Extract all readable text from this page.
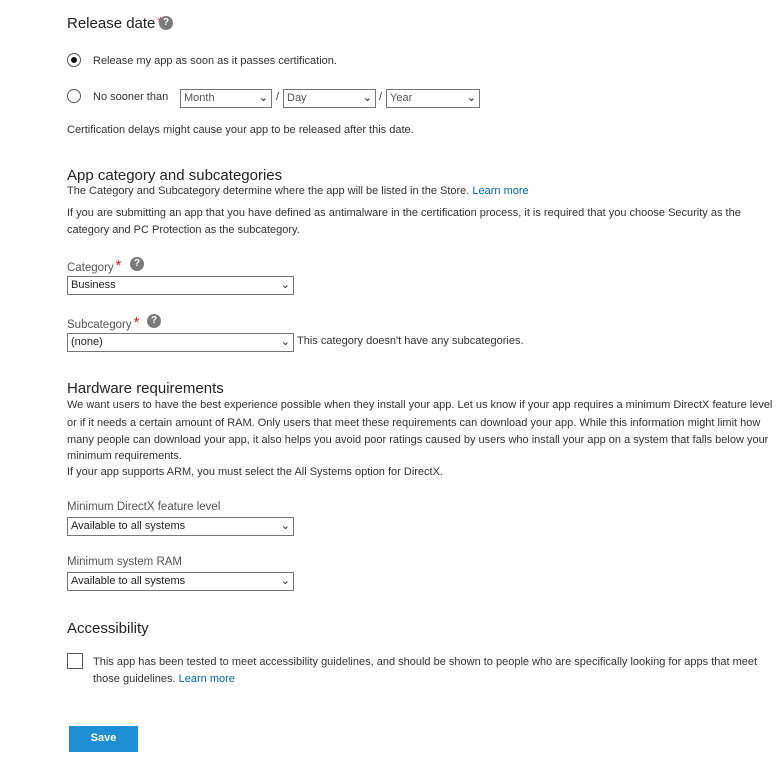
Release date ?
Release my app as soon as it passes certification.
No sooner than	Month	⌄ / Day	⌄ / Year	⌄
Certification delays might cause your app to be released after this date.
App category and subcategories
The Category and Subcategory determine where the app will be listed in the Store. Learn more
If you are submitting an app that you have defined as antimalware in the certification process, it is required that you choose Security as the
category and PC Protection as the subcategory.
Category *	?
Business	⌄
Subcategory *	?
(none)	⌄ This category doesn't have any subcategories.
Hardware requirements
We want users to have the best experience possible when they install your app. Let us know if your app requires a minimum DirectX feature level
or if it needs a certain amount of RAM. Only users that meet these requirements can download your app. While this information might limit how
many people can download your app, it also helps you avoid poor ratings caused by users who install your app on a system that falls below your
minimum requirements.
If your app supports ARM, you must select the All Systems option for DirectX.
Minimum DirectX feature level
Available to all systems	⌄
Minimum system RAM
Available to all systems	⌄
Accessibility
This app has been tested to meet accessibility guidelines, and should be shown to people who are specifically looking for apps that meet
those guidelines. Learn more
Save
